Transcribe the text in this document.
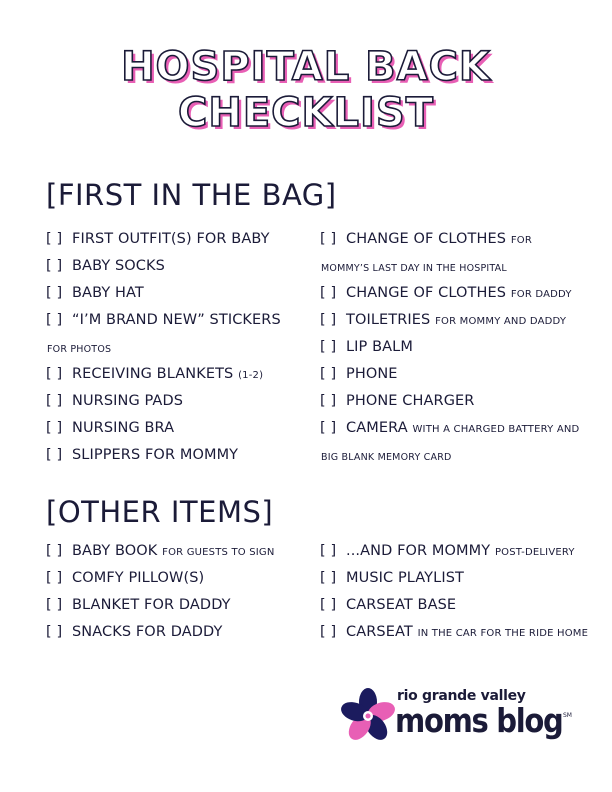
HOSPITAL BACK
CHECKLIST
[FIRST IN THE BAG]
[ ] FIRST OUTFIT(S) FOR BABY
[ ] BABY SOCKS
[ ] BABY HAT
[ ] “I’M BRAND NEW” STICKERS
FOR PHOTOS
[ ] RECEIVING BLANKETS (1-2)
[ ] NURSING PADS
[ ] NURSING BRA
[ ] SLIPPERS FOR MOMMY
[ ] CHANGE OF CLOTHES FOR
MOMMY’S LAST DAY IN THE HOSPITAL
[ ] CHANGE OF CLOTHES FOR DADDY
[ ] TOILETRIES FOR MOMMY AND DADDY
[ ] LIP BALM
[ ] PHONE
[ ] PHONE CHARGER
[ ] CAMERA WITH A CHARGED BATTERY AND
BIG BLANK MEMORY CARD
[OTHER ITEMS]
[ ] BABY BOOK FOR GUESTS TO SIGN
[ ] COMFY PILLOW(S)
[ ] BLANKET FOR DADDY
[ ] SNACKS FOR DADDY
[ ] ...AND FOR MOMMY POST-DELIVERY
[ ] MUSIC PLAYLIST
[ ] CARSEAT BASE
[ ] CARSEAT IN THE CAR FOR THE RIDE HOME
rio grande valley
moms blog SM
